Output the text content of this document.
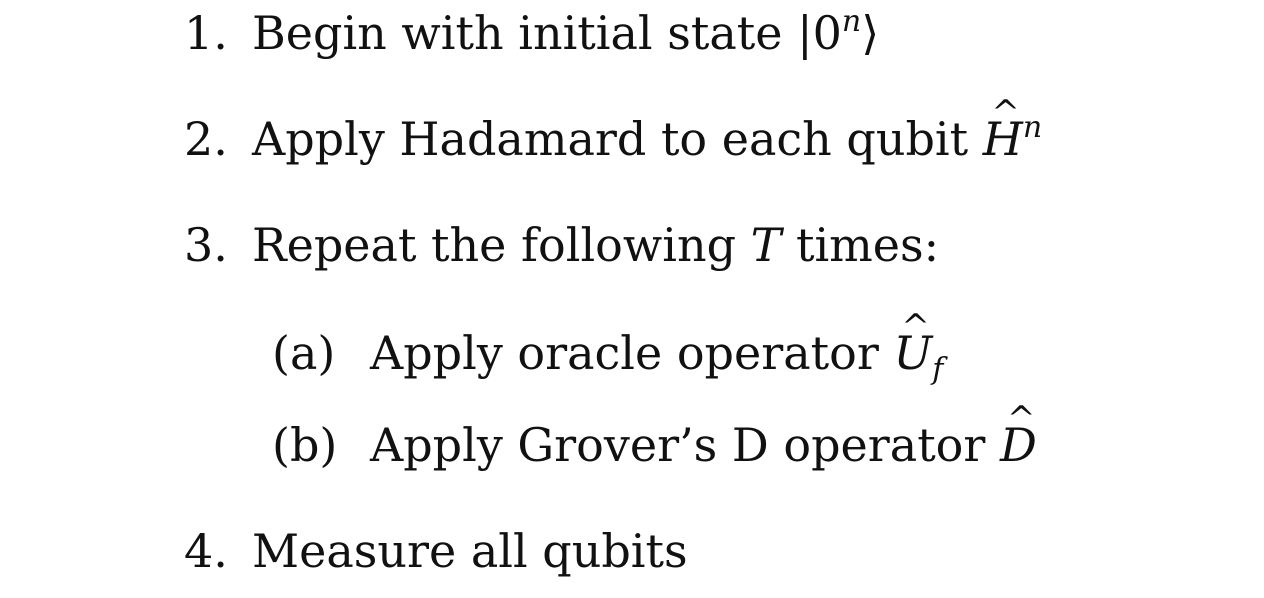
1. Begin with initial state |0$^n$⟩
2. Apply Hadamard to each qubit ^ $H^n$
3. Repeat the following
T
times:
(a) Apply oracle operator ^ $U_f$
(b) Apply Grover’s D operator ^ D
4. Measure all qubits
